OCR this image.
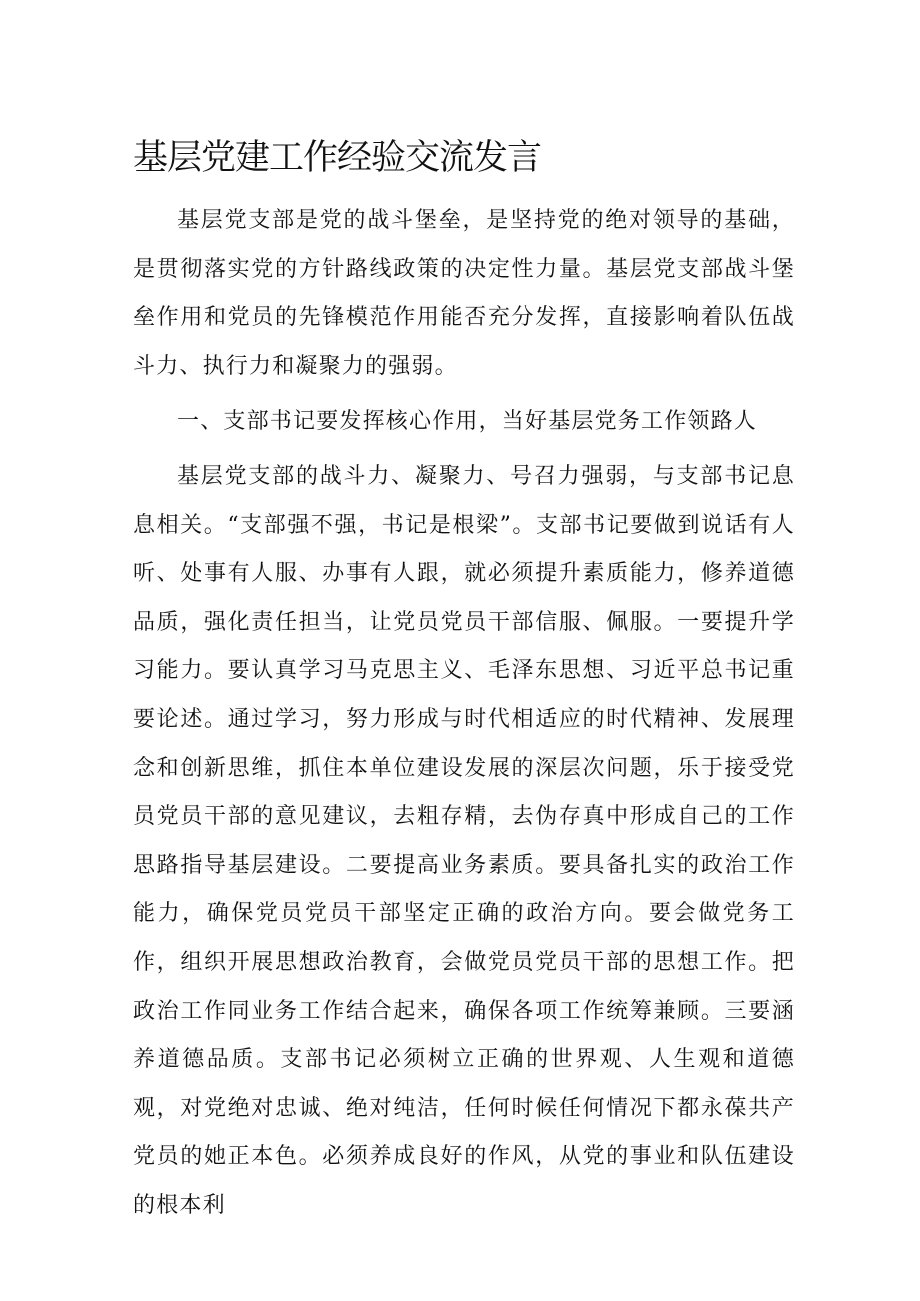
基层党建工作经验交流发言

基层党支部是党的战斗堡垒，是坚持党的绝对领导的基础，是贯彻落实党的方针路线政策的决定性力量。基层党支部战斗堡垒作用和党员的先锋模范作用能否充分发挥，直接影响着队伍战斗力、执行力和凝聚力的强弱。

一、支部书记要发挥核心作用，当好基层党务工作领路人

基层党支部的战斗力、凝聚力、号召力强弱，与支部书记息息相关。“支部强不强，书记是根梁”。支部书记要做到说话有人听、处事有人服、办事有人跟，就必须提升素质能力，修养道德品质，强化责任担当，让党员党员干部信服、佩服。一要提升学习能力。要认真学习马克思主义、毛泽东思想、习近平总书记重要论述。通过学习，努力形成与时代相适应的时代精神、发展理念和创新思维，抓住本单位建设发展的深层次问题，乐于接受党员党员干部的意见建议，去粗存精，去伪存真中形成自己的工作思路指导基层建设。二要提高业务素质。要具备扎实的政治工作能力，确保党员党员干部坚定正确的政治方向。要会做党务工作，组织开展思想政治教育，会做党员党员干部的思想工作。把政治工作同业务工作结合起来，确保各项工作统筹兼顾。三要涵养道德品质。支部书记必须树立正确的世界观、人生观和道德观，对党绝对忠诚、绝对纯洁，任何时候任何情况下都永葆共产党员的她正本色。必须养成良好的作风，从党的事业和队伍建设的根本利
